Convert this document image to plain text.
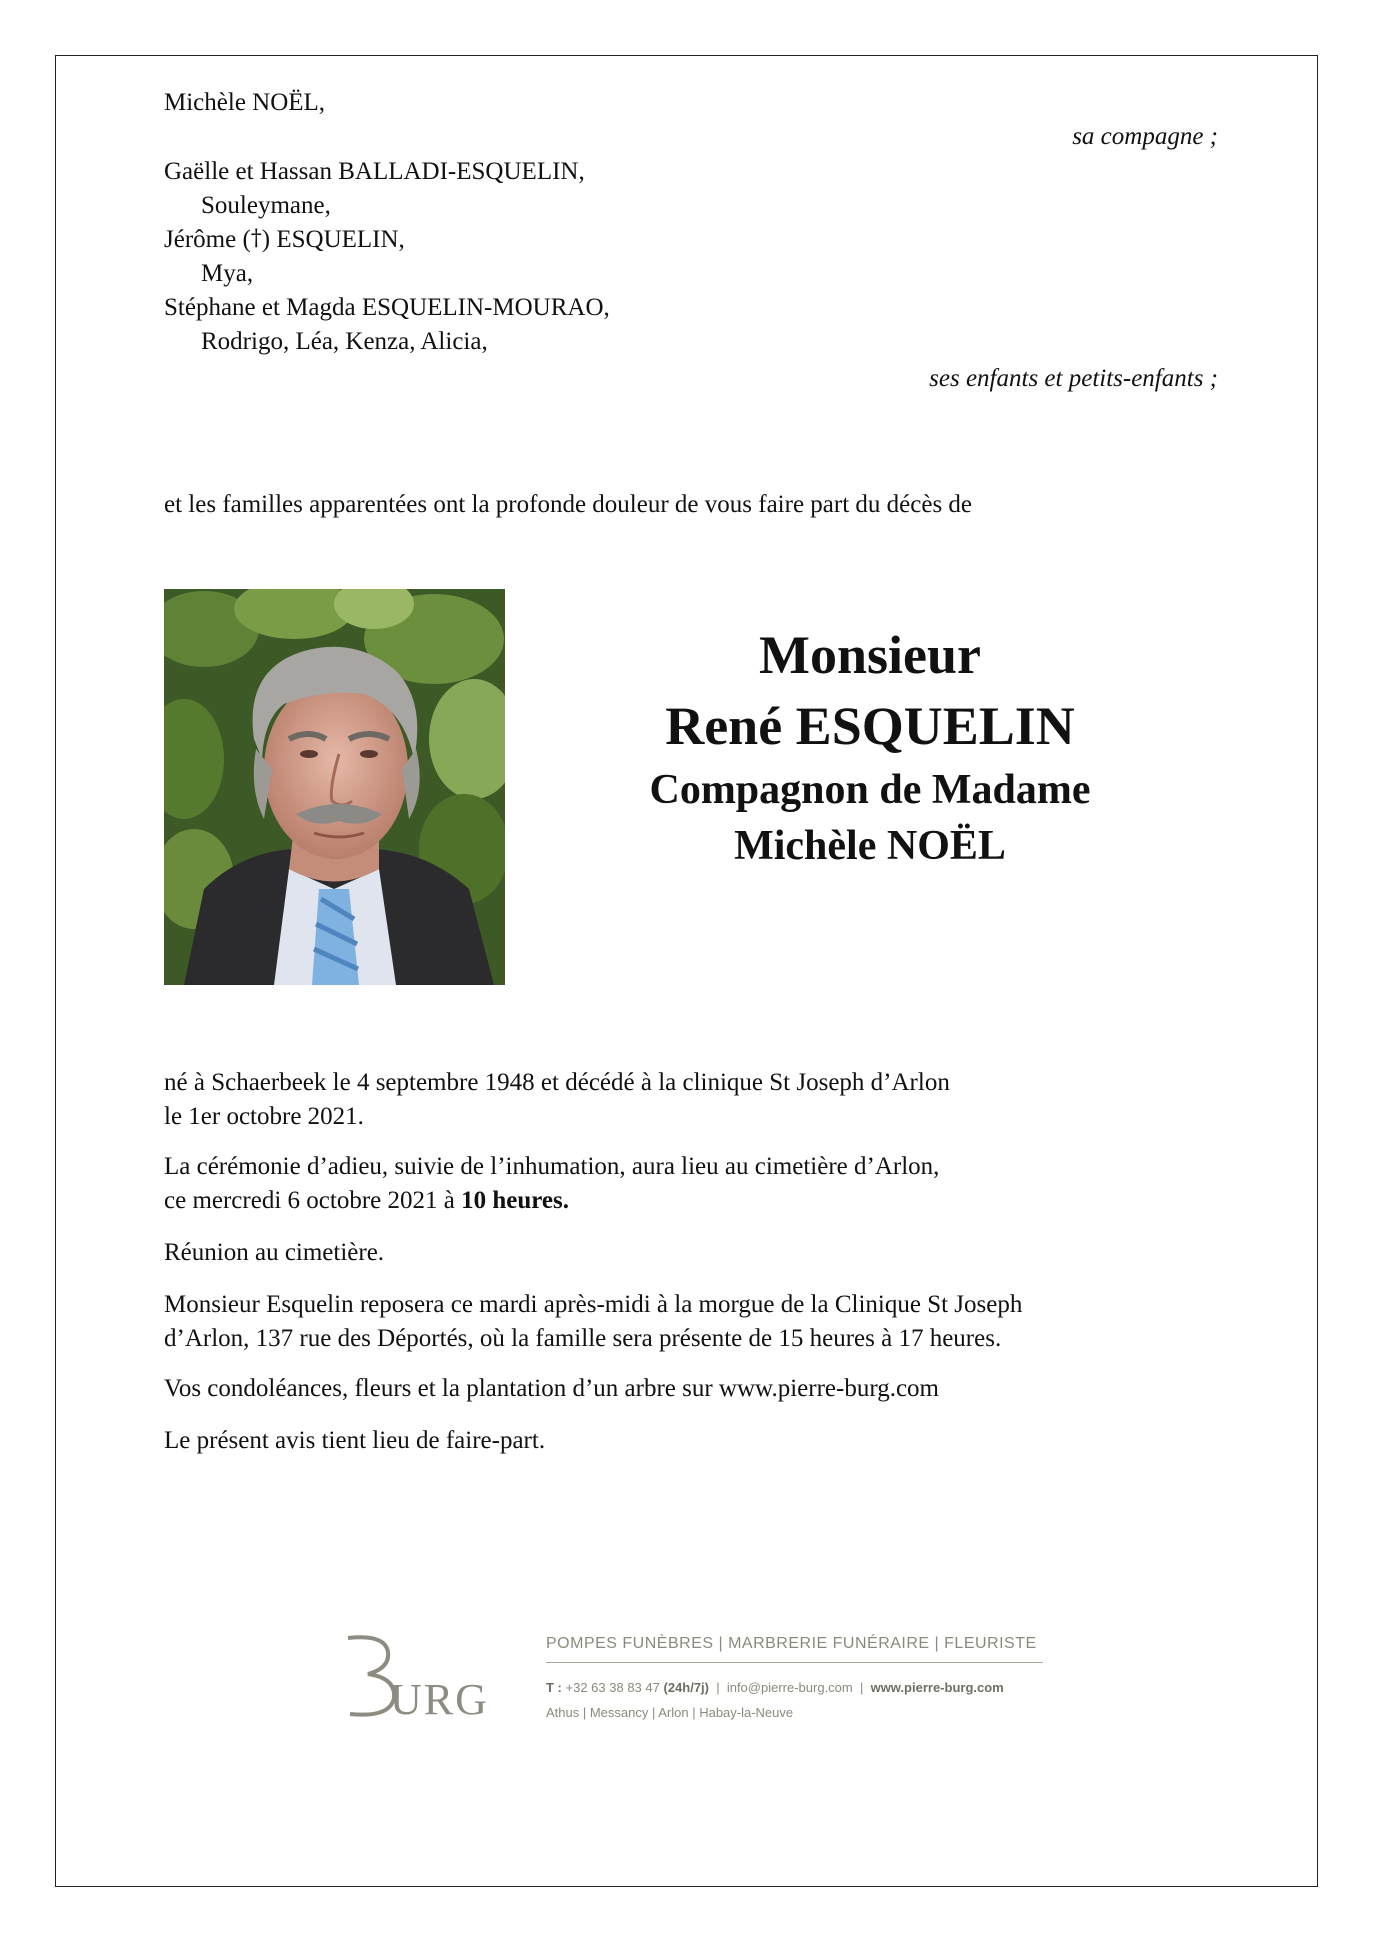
Michèle NOËL,
sa compagne ;
Gaëlle et Hassan BALLADI-ESQUELIN,
Souleymane,
Jérôme (†) ESQUELIN,
Mya,
Stéphane et Magda ESQUELIN-MOURAO,
Rodrigo, Léa, Kenza, Alicia,
ses enfants et petits-enfants ;
et les familles apparentées ont la profonde douleur de vous faire part du décès de
Monsieur
René ESQUELIN
Compagnon de Madame
Michèle NOËL
né à Schaerbeek le 4 septembre 1948 et décédé à la clinique St Joseph d’Arlon
le 1er octobre 2021.
La cérémonie d’adieu, suivie de l’inhumation, aura lieu au cimetière d’Arlon,
ce mercredi 6 octobre 2021 à 10 heures.
Réunion au cimetière.
Monsieur Esquelin reposera ce mardi après-midi à la morgue de la Clinique St Joseph
d’Arlon, 137 rue des Déportés, où la famille sera présente de 15 heures à 17 heures.
Vos condoléances, fleurs et la plantation d’un arbre sur www.pierre-burg.com
Le présent avis tient lieu de faire-part.
URG
POMPES FUNÈBRES | MARBRERIE FUNÉRAIRE | FLEURISTE
T : +32 63 38 83 47 (24h/7j)  |  info@pierre-burg.com  |  www.pierre-burg.com
Athus | Messancy | Arlon | Habay-la-Neuve
